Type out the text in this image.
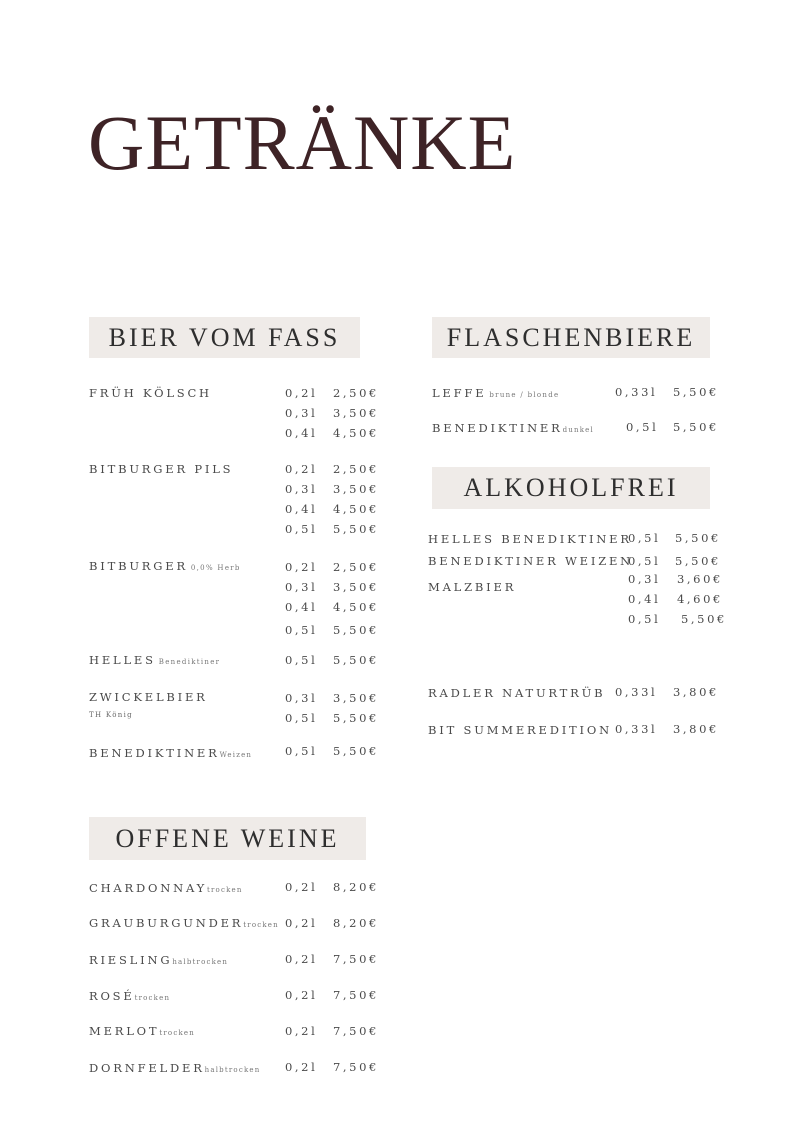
GETRÄNKE
BIER VOM FASS	FLASCHENBIERE
ALKOHOLFREI
OFFENE WEINE
FRÜH KÖLSCH	0,2l 2,50€
0,3l 3,50€
0,4l 4,50€
BITBURGER PILS	0,2l 2,50€
0,3l 3,50€
0,4l 4,50€
0,5l 5,50€
BITBURGER 0,0% Herb	0,2l 2,50€
0,3l 3,50€
0,4l 4,50€
0,5l 5,50€
HELLES Benediktiner	0,5l 5,50€
ZWICKELBIER
TH König
0,3l 3,50€
0,5l 5,50€
BENEDIKTINERWeizen	0,5l 5,50€
LEFFE brune / blonde	0,33l 5,50€
BENEDIKTINERdunkel	0,5l 5,50€
HELLES BENEDIKTINER
0,5l 5,50€
BENEDIKTINER WEIZEN
0,5l 5,50€
MALZBIER
0,3l 3,60€
0,4l 4,60€
0,5l 5,50€
RADLER NATURTRÜB 0,33l 3,80€
BIT SUMMEREDITION 0,33l 3,80€
CHARDONNAYtrocken	0,2l 8,20€
GRAUBURGUNDERtrocken 0,2l 8,20€
RIESLINGhalbtrocken	0,2l 7,50€
ROSÉtrocken	0,2l 7,50€
MERLOTtrocken	0,2l 7,50€
DORNFELDERhalbtrocken 0,2l 7,50€
